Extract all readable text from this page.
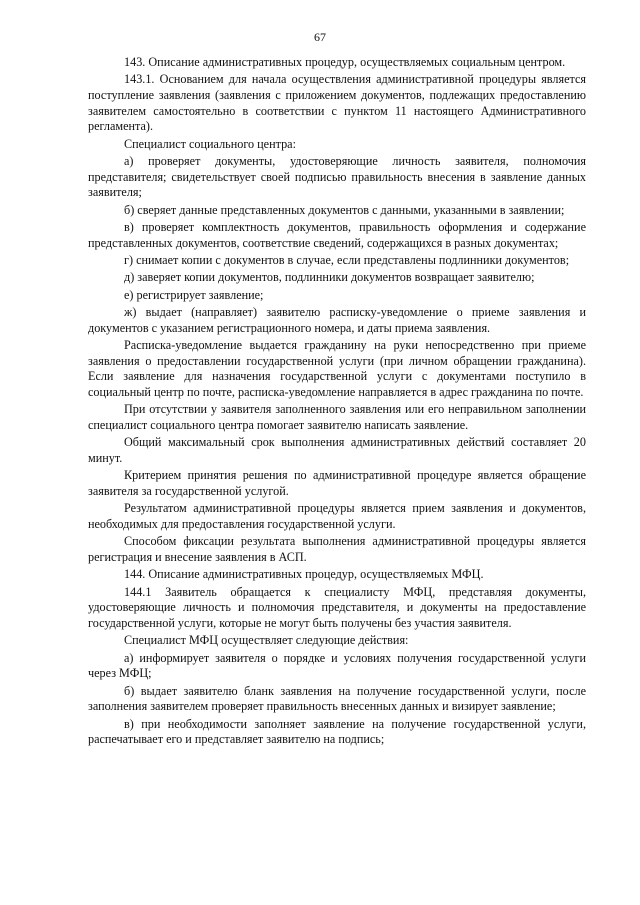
67

143. Описание административных процедур, осуществляемых социальным центром.

143.1. Основанием для начала осуществления административной процедуры является поступление заявления (заявления с приложением документов, подлежащих предоставлению заявителем самостоятельно в соответствии с пунктом 11 настоящего Административного регламента).

Специалист социального центра:

а) проверяет документы, удостоверяющие личность заявителя, полномочия представителя; свидетельствует своей подписью правильность внесения в заявление данных заявителя;

б) сверяет данные представленных документов с данными, указанными в заявлении;

в) проверяет комплектность документов, правильность оформления и содержание представленных документов, соответствие сведений, содержащихся в разных документах;

г) снимает копии с документов в случае, если представлены подлинники документов;

д) заверяет копии документов, подлинники документов возвращает заявителю;

е) регистрирует заявление;

ж) выдает (направляет) заявителю расписку-уведомление о приеме заявления и документов с указанием регистрационного номера, и даты приема заявления.

Расписка-уведомление выдается гражданину на руки непосредственно при приеме заявления о предоставлении государственной услуги (при личном обращении гражданина). Если заявление для назначения государственной услуги с документами поступило в социальный центр по почте, расписка-уведомление направляется в адрес гражданина по почте.

При отсутствии у заявителя заполненного заявления или его неправильном заполнении специалист социального центра помогает заявителю написать заявление.

Общий максимальный срок выполнения административных действий составляет 20 минут.

Критерием принятия решения по административной процедуре является обращение заявителя за государственной услугой.

Результатом административной процедуры является прием заявления и документов, необходимых для предоставления государственной услуги.

Способом фиксации результата выполнения административной процедуры является регистрация и внесение заявления в АСП.

144. Описание административных процедур, осуществляемых МФЦ.

144.1 Заявитель обращается к специалисту МФЦ, представляя документы, удостоверяющие личность и полномочия представителя, и документы на предоставление государственной услуги, которые не могут быть получены без участия заявителя.

Специалист МФЦ осуществляет следующие действия:

а) информирует заявителя о порядке и условиях получения государственной услуги через МФЦ;

б) выдает заявителю бланк заявления на получение государственной услуги, после заполнения заявителем проверяет правильность внесенных данных и визирует заявление;

в) при необходимости заполняет заявление на получение государственной услуги, распечатывает его и представляет заявителю на подпись;
